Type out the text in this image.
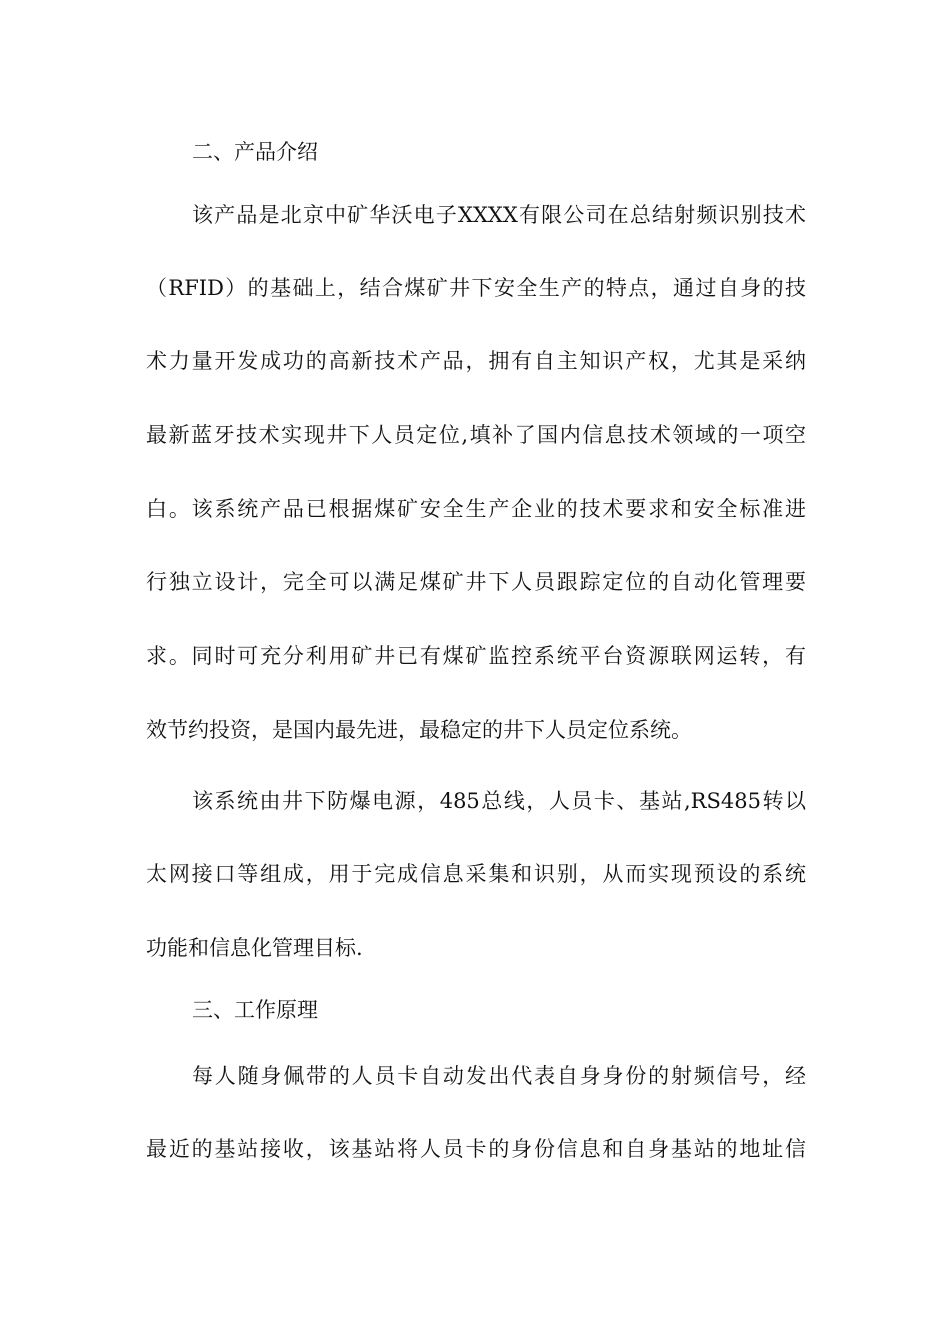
二、产品介绍
该产品是北京中矿华沃电子XXXX有限公司在总结射频识别技术
（RFID）的基础上，结合煤矿井下安全生产的特点，通过自身的技
术力量开发成功的高新技术产品，拥有自主知识产权，尤其是采纳
最新蓝牙技术实现井下人员定位,填补了国内信息技术领域的一项空
白。该系统产品已根据煤矿安全生产企业的技术要求和安全标准进
行独立设计，完全可以满足煤矿井下人员跟踪定位的自动化管理要
求。同时可充分利用矿井已有煤矿监控系统平台资源联网运转，有
效节约投资，是国内最先进，最稳定的井下人员定位系统。
该系统由井下防爆电源，485总线，人员卡、基站,RS485转以
太网接口等组成，用于完成信息采集和识别，从而实现预设的系统
功能和信息化管理目标.
三、工作原理
每人随身佩带的人员卡自动发出代表自身身份的射频信号，经
最近的基站接收，该基站将人员卡的身份信息和自身基站的地址信
